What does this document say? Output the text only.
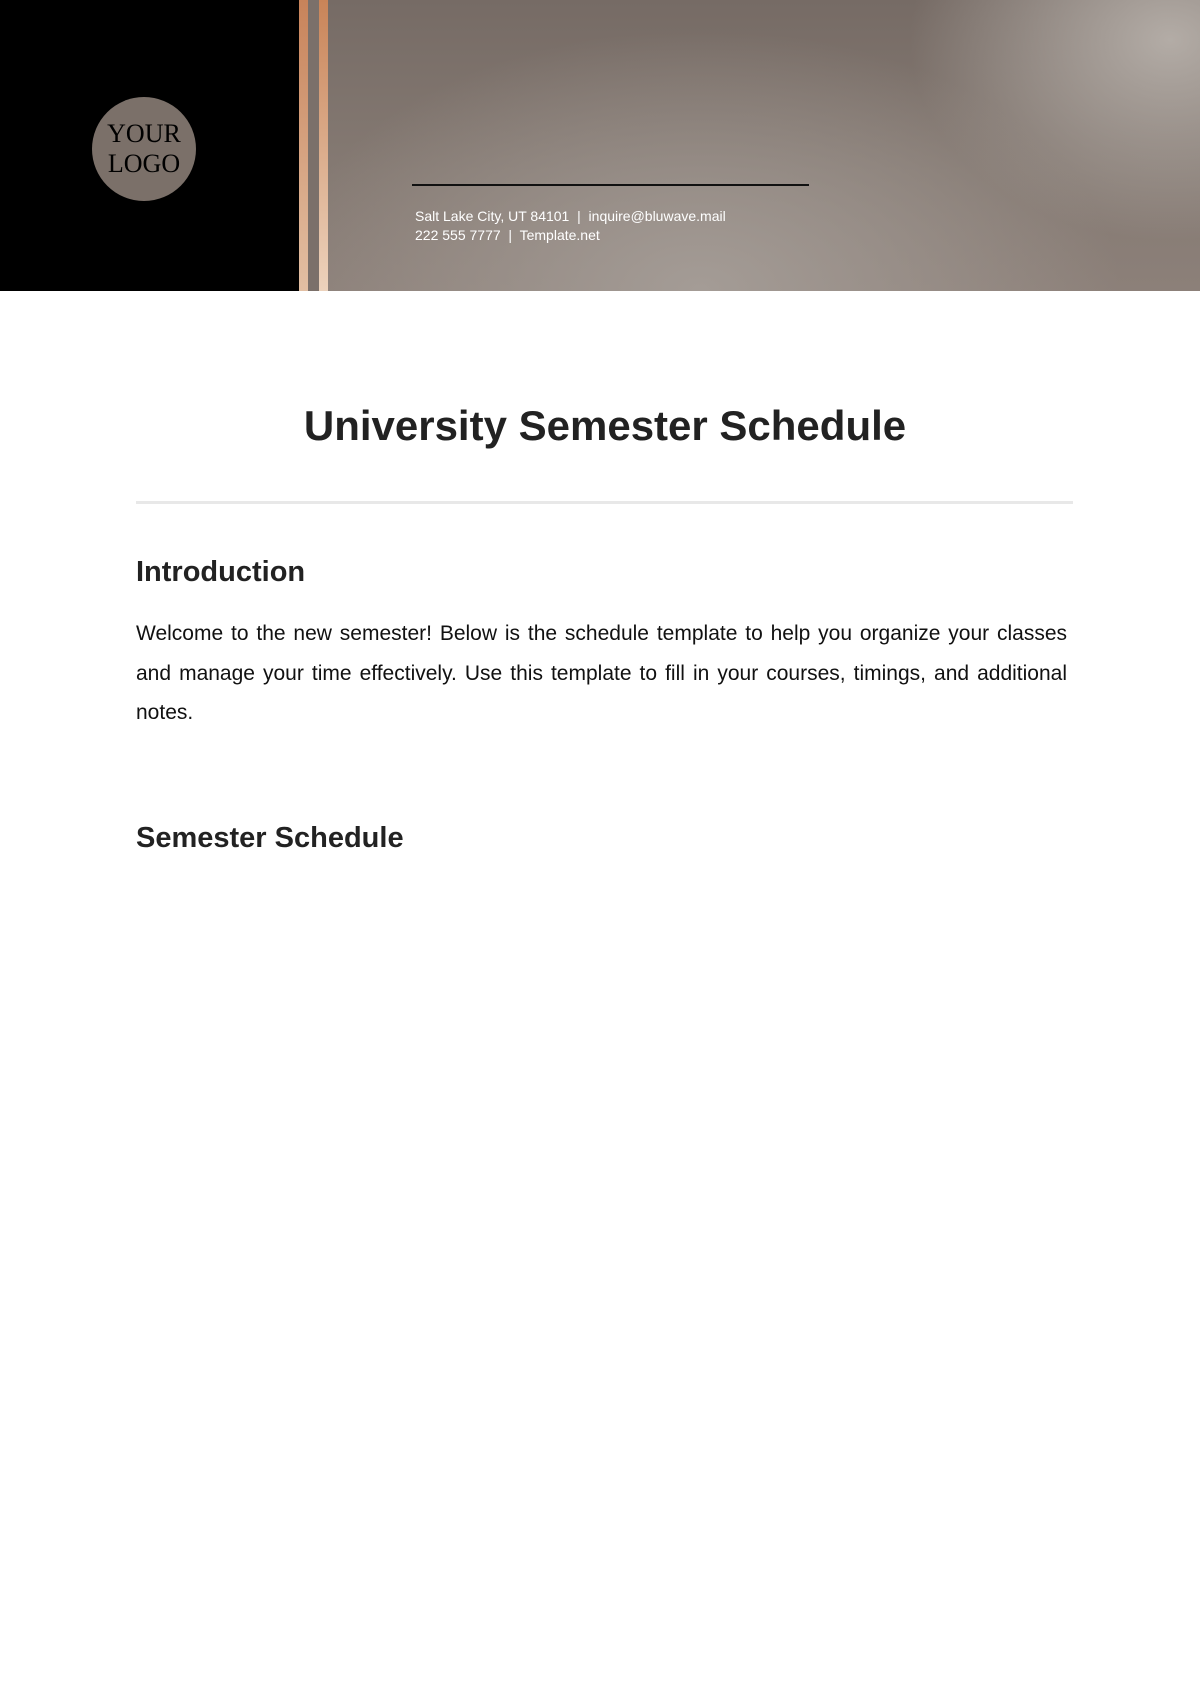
YOUR
LOGO
Salt Lake City, UT 84101 | inquire@bluwave.mail
222 555 7777 | Template.net
University Semester Schedule
Introduction
Welcome to the new semester! Below is the schedule template to help you organize your classes and manage your time effectively. Use this template to fill in your courses, timings, and additional notes.
Semester Schedule
